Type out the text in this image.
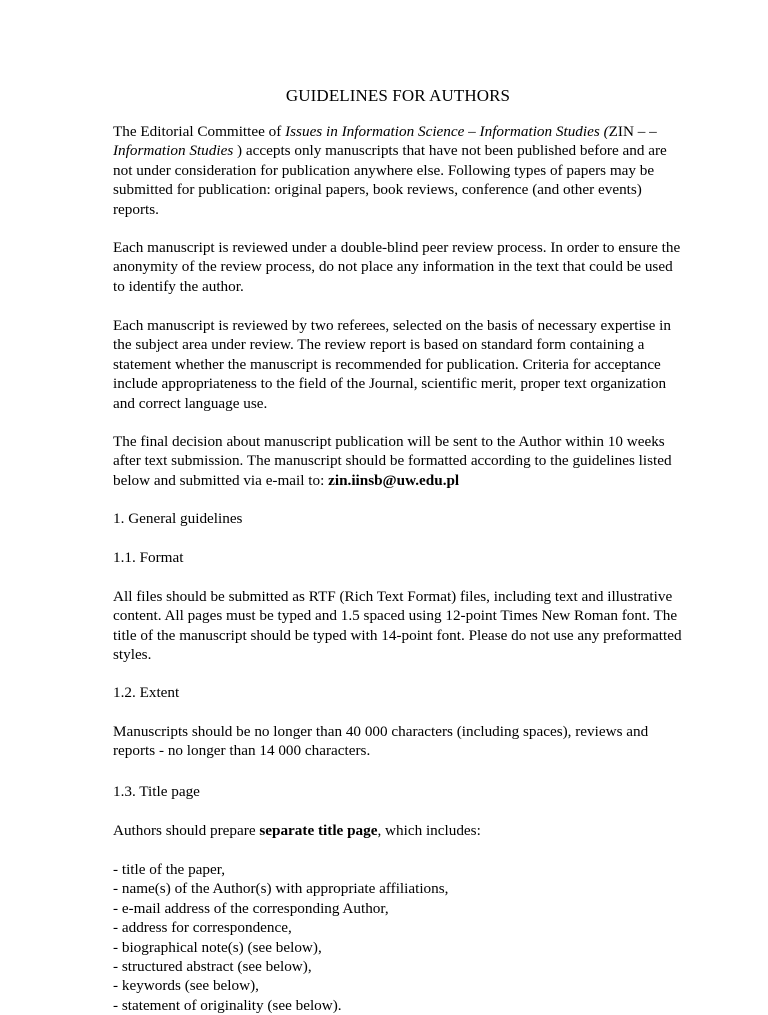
GUIDELINES FOR AUTHORS
The Editorial Committee of Issues in Information Science – Information Studies (ZIN – –
Information Studies ) accepts only manuscripts that have not been published before and are
not under consideration for publication anywhere else. Following types of papers may be
submitted for publication: original papers, book reviews, conference (and other events)
reports.
Each manuscript is reviewed under a double-blind peer review process. In order to ensure the
anonymity of the review process, do not place any information in the text that could be used
to identify the author.
Each manuscript is reviewed by two referees, selected on the basis of necessary expertise in
the subject area under review. The review report is based on standard form containing a
statement whether the manuscript is recommended for publication. Criteria for acceptance
include appropriateness to the field of the Journal, scientific merit, proper text organization
and correct language use.
The final decision about manuscript publication will be sent to the Author within 10 weeks
after text submission. The manuscript should be formatted according to the guidelines listed
below and submitted via e-mail to: zin.iinsb@uw.edu.pl
1. General guidelines
1.1. Format
All files should be submitted as RTF (Rich Text Format) files, including text and illustrative
content. All pages must be typed and 1.5 spaced using 12-point Times New Roman font. The
title of the manuscript should be typed with 14-point font. Please do not use any preformatted
styles.
1.2. Extent
Manuscripts should be no longer than 40 000 characters (including spaces), reviews and
reports - no longer than 14 000 characters.
1.3. Title page
Authors should prepare separate title page, which includes:
- title of the paper,
- name(s) of the Author(s) with appropriate affiliations,
- e-mail address of the corresponding Author,
- address for correspondence,
- biographical note(s) (see below),
- structured abstract (see below),
- keywords (see below),
- statement of originality (see below).
